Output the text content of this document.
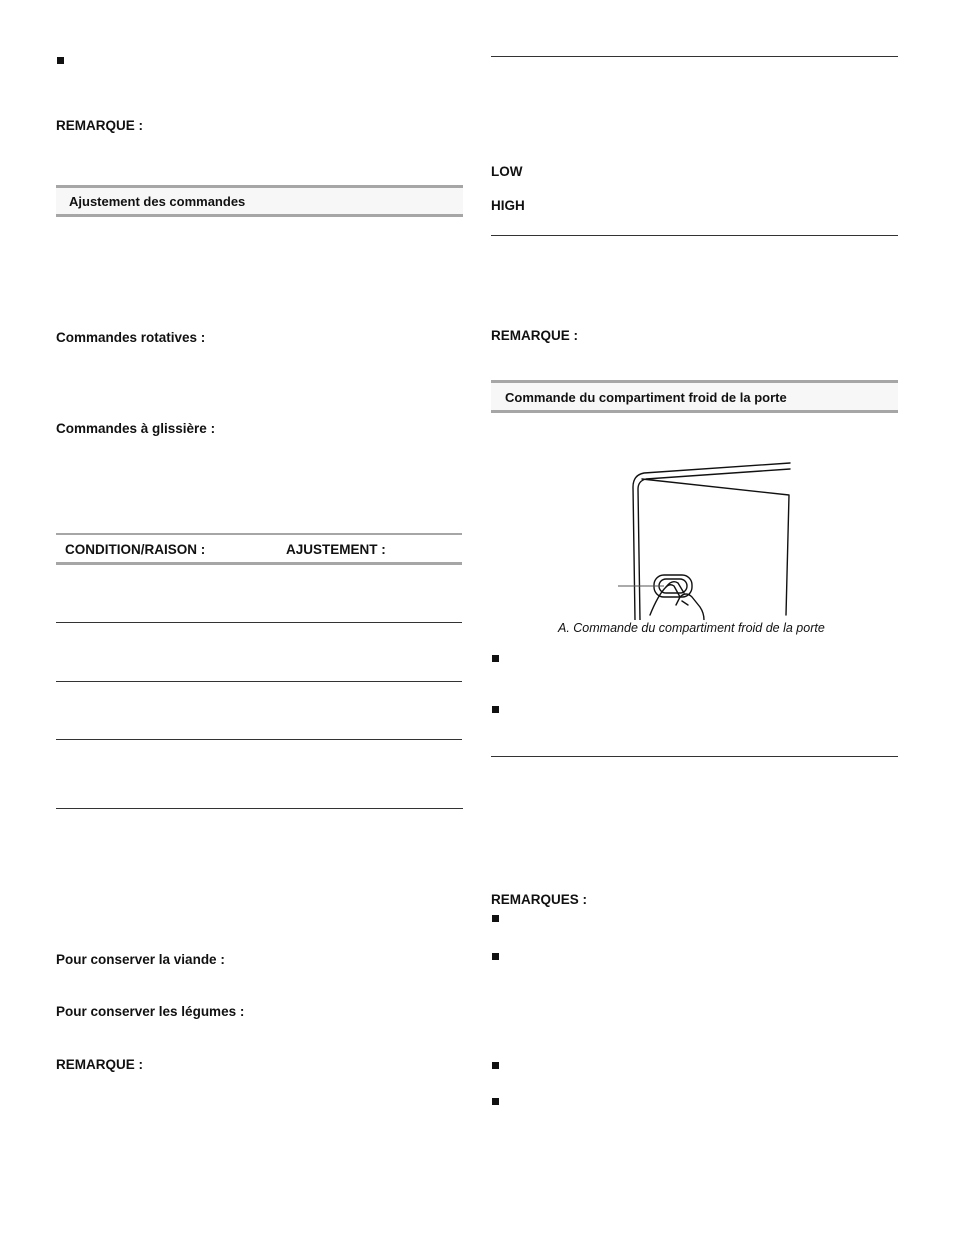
REMARQUE :
Ajustement des commandes
Commandes rotatives :
Commandes à glissière :
CONDITION/RAISON :	AJUSTEMENT :
Pour conserver la viande :
Pour conserver les légumes :
REMARQUE :
LOW
HIGH
REMARQUE :
Commande du compartiment froid de la porte
A. Commande du compartiment froid de la porte
REMARQUES :
